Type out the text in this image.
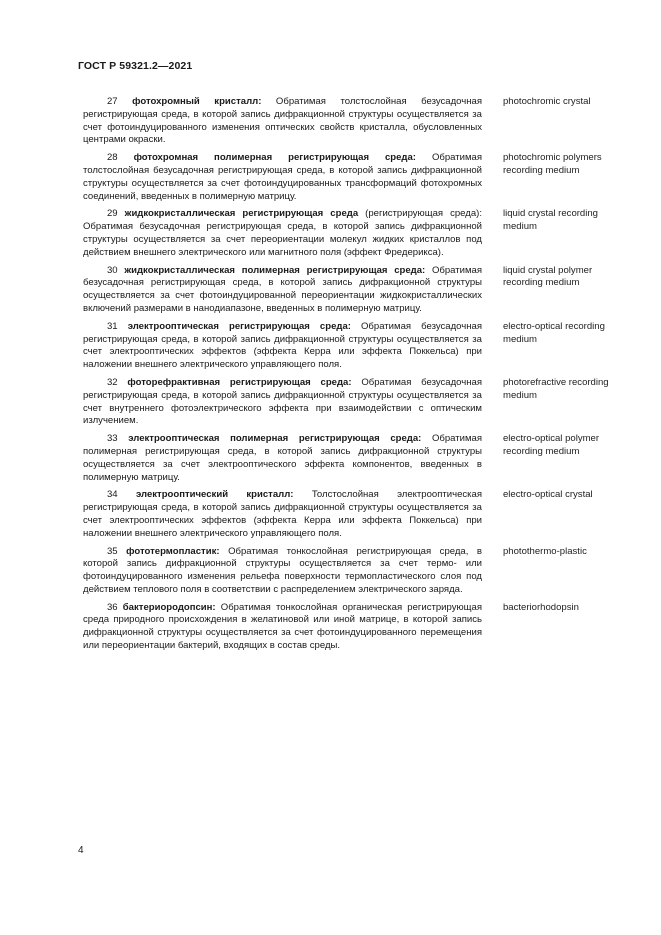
ГОСТ Р 59321.2—2021
27 фотохромный кристалл: Обратимая толстослойная безусадочная регистрирующая среда, в которой запись дифракционной структуры осуществляется за счет фотоиндуцированного изменения оптических свойств кристалла, обусловленных центрами окраски.
photochromic crystal
28 фотохромная полимерная регистрирующая среда: Обратимая толстослойная безусадочная регистрирующая среда, в которой запись дифракционной структуры осуществляется за счет фотоиндуцированных трансформаций фотохромных соединений, введенных в полимерную матрицу.
photochromic polymers recording medium
29 жидкокристаллическая регистрирующая среда (регистрирующая среда): Обратимая безусадочная регистрирующая среда, в которой запись дифракционной структуры осуществляется за счет переориентации молекул жидких кристаллов под действием внешнего электрического или магнитного поля (эффект Фредерикса).
liquid crystal recording medium
30 жидкокристаллическая полимерная регистрирующая среда: Обратимая безусадочная регистрирующая среда, в которой запись дифракционной структуры осуществляется за счет фотоиндуцированной переориентации жидкокристаллических включений размерами в нанодиапазоне, введенных в полимерную матрицу.
liquid crystal polymer recording medium
31 электрооптическая регистрирующая среда: Обратимая безусадочная регистрирующая среда, в которой запись дифракционной структуры осуществляется за счет электрооптических эффектов (эффекта Керра или эффекта Поккельса) при наложении внешнего электрического управляющего поля.
electro-optical recording medium
32 фоторефрактивная регистрирующая среда: Обратимая безусадочная регистрирующая среда, в которой запись дифракционной структуры осуществляется за счет внутреннего фотоэлектрического эффекта при взаимодействии с оптическим излучением.
photorefractive recording medium
33 электрооптическая полимерная регистрирующая среда: Обратимая полимерная регистрирующая среда, в которой запись дифракционной структуры осуществляется за счет электрооптического эффекта компонентов, введенных в полимерную матрицу.
electro-optical polymer recording medium
34 электрооптический кристалл: Толстослойная электрооптическая регистрирующая среда, в которой запись дифракционной структуры осуществляется за счет электрооптических эффектов (эффекта Керра или эффекта Поккельса) при наложении внешнего электрического управляющего поля.
electro-optical crystal
35 фототермопластик: Обратимая тонкослойная регистрирующая среда, в которой запись дифракционной структуры осуществляется за счет термо- или фотоиндуцированного изменения рельефа поверхности термопластического слоя под действием теплового поля в соответствии с распределением электрического заряда.
photothermo-plastic
36 бактериородопсин: Обратимая тонкослойная органическая регистрирующая среда природного происхождения в желатиновой или иной матрице, в которой запись дифракционной структуры осуществляется за счет фотоиндуцированного перемещения или переориентации бактерий, входящих в состав среды.
bacteriorhodopsin
4
